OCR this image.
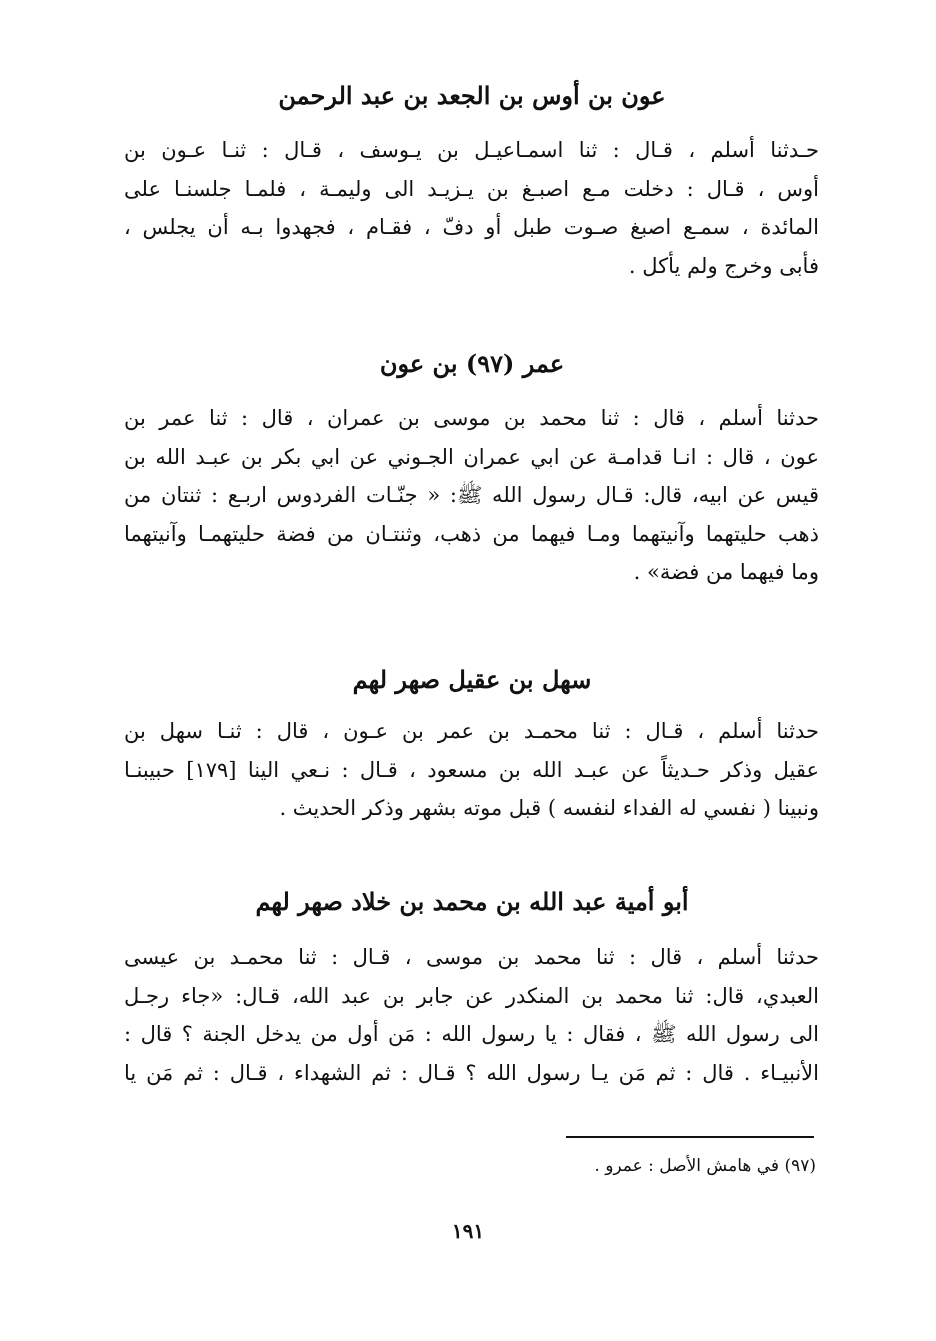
عون بن أوس بن الجعد بن عبد الرحمن

حـدثنا أسلم ، قـال : ثنا اسمـاعيـل بن يـوسف ، قـال : ثنـا عـون بن
أوس ، قـال : دخلت مـع اصبـغ بن يـزيـد الى وليمـة ، فلمـا جلسنـا على
المائدة ، سمـع اصبغ صـوت طبل أو دفّ ، فقـام ، فجهدوا بـه أن يجلس ،
فأبى وخرج ولم يأكل .

عمر (٩٧) بن عون

حدثنا أسلم ، قال : ثنا محمد بن موسى بن عمران ، قال : ثنا عمر بن
عون ، قال : انـا قدامـة عن ابي عمران الجـوني عن ابي بكر بن عبـد الله بن
قيس عن ابيه، قال: قـال رسول الله ﷺ: « جنّـات الفردوس اربـع : ثنتان من
ذهب حليتهما وآنيتهما ومـا فيهما من ذهب، وثنتـان من فضة حليتهمـا وآنيتهما
وما فيهما من فضة» .

سهل بن عقيل صهر لهم

حدثنا أسلم ، قـال : ثنا محمـد بن عمر بن عـون ، قال : ثنـا سهل بن
عقيل وذكر حـديثاً عن عبـد الله بن مسعود ، قـال : نـعي الينا [١٧٩] حبيبنـا
ونبينا ( نفسي له الفداء لنفسه ) قبل موته بشهر وذكر الحديث .

أبو أمية عبد الله بن محمد بن خلاد صهر لهم

حدثنا أسلم ، قال : ثنا محمد بن موسى ، قـال : ثنا محمـد بن عيسى
العبدي، قال: ثنا محمد بن المنكدر عن جابر بن عبد الله، قـال: «جاء رجـل
الى رسول الله ﷺ ، فقال : يا رسول الله : مَن أول من يدخل الجنة ؟ قال :
الأنبيـاء . قال : ثم مَن يـا رسول الله ؟ قـال : ثم الشهداء ، قـال : ثم مَن يا

(٩٧) في هامش الأصل : عمرو .

١٩١
